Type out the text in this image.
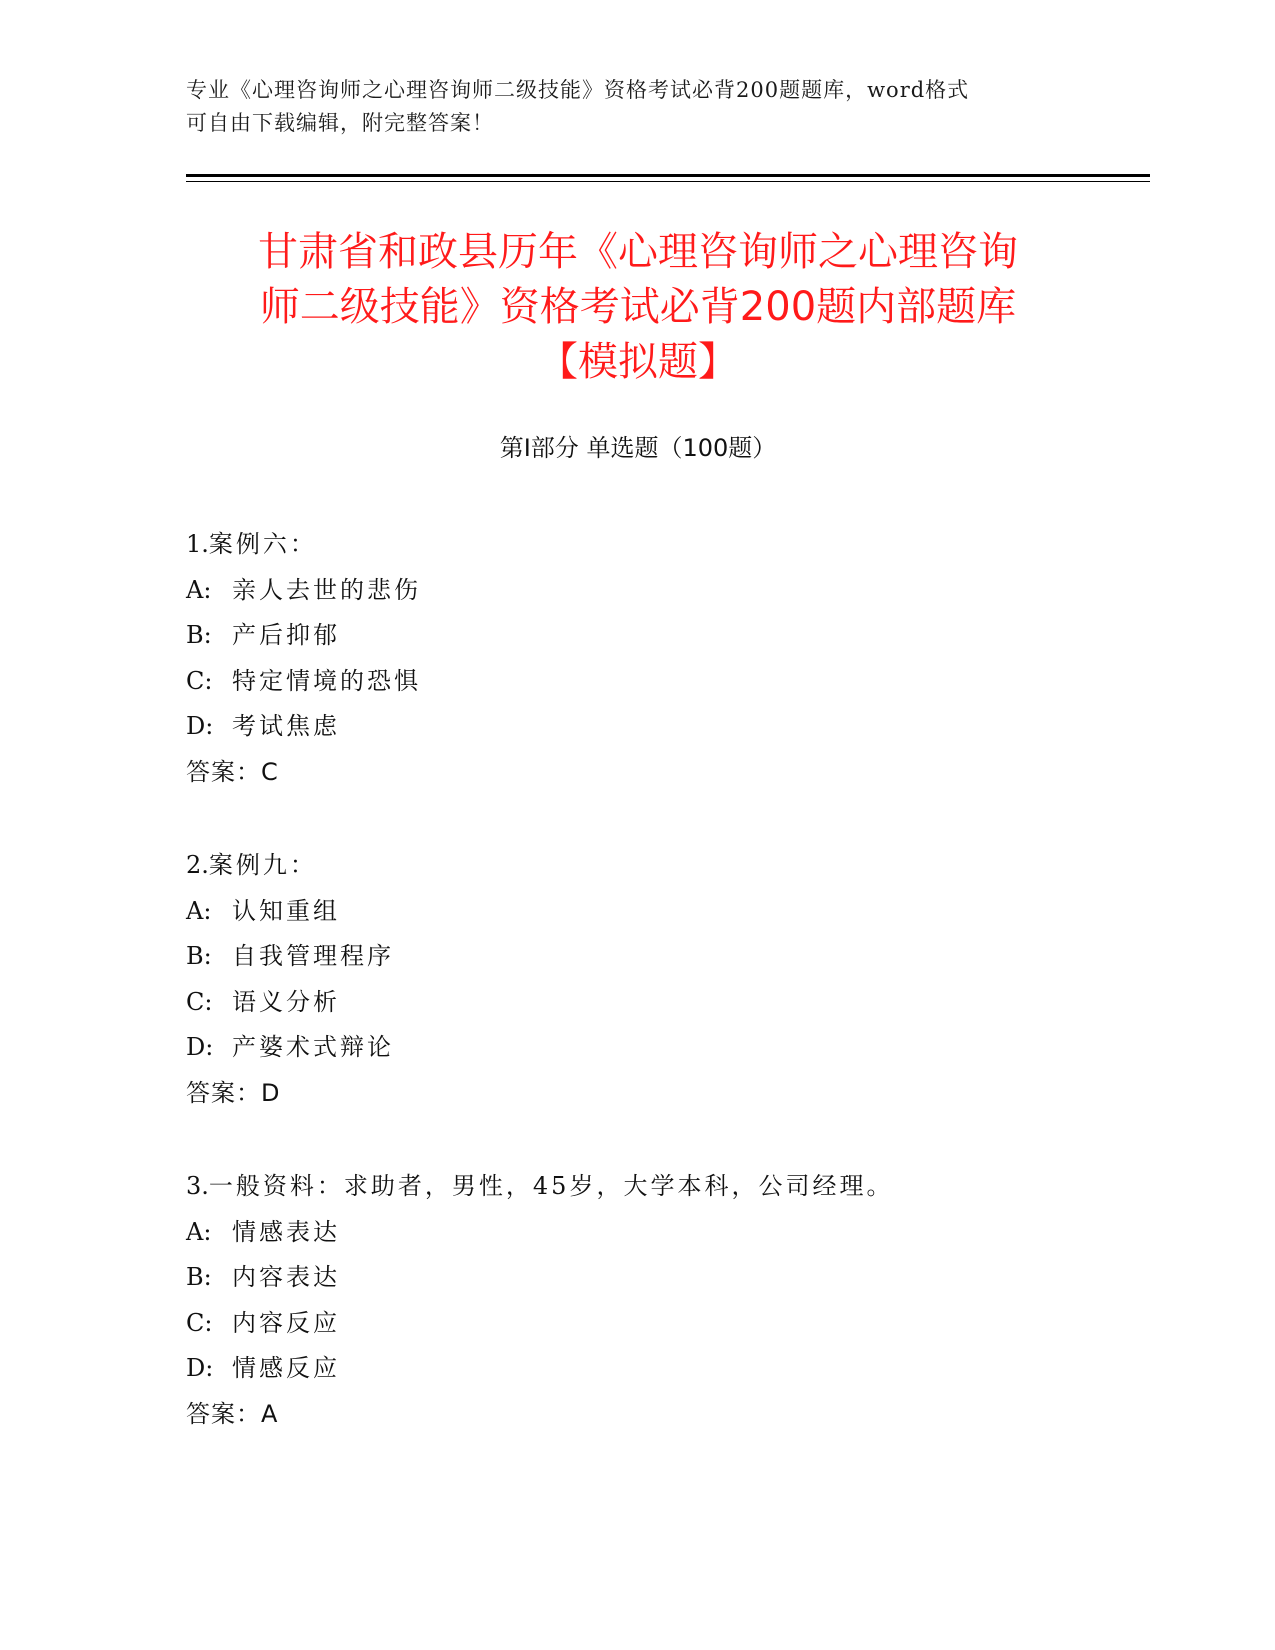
专业《心理咨询师之心理咨询师二级技能》资格考试必背200题题库，word格式
可自由下载编辑，附完整答案！
甘肃省和政县历年《心理咨询师之心理咨询
师二级技能》资格考试必背200题内部题库
【模拟题】
第I部分 单选题（100题）
1.案例六：
A: 亲人去世的悲伤
B: 产后抑郁
C: 特定情境的恐惧
D: 考试焦虑
答案：C
2.案例九：
A: 认知重组
B: 自我管理程序
C: 语义分析
D: 产婆术式辩论
答案：D
3.一般资料：求助者，男性，45岁，大学本科，公司经理。
A: 情感表达
B: 内容表达
C: 内容反应
D: 情感反应
答案：A
